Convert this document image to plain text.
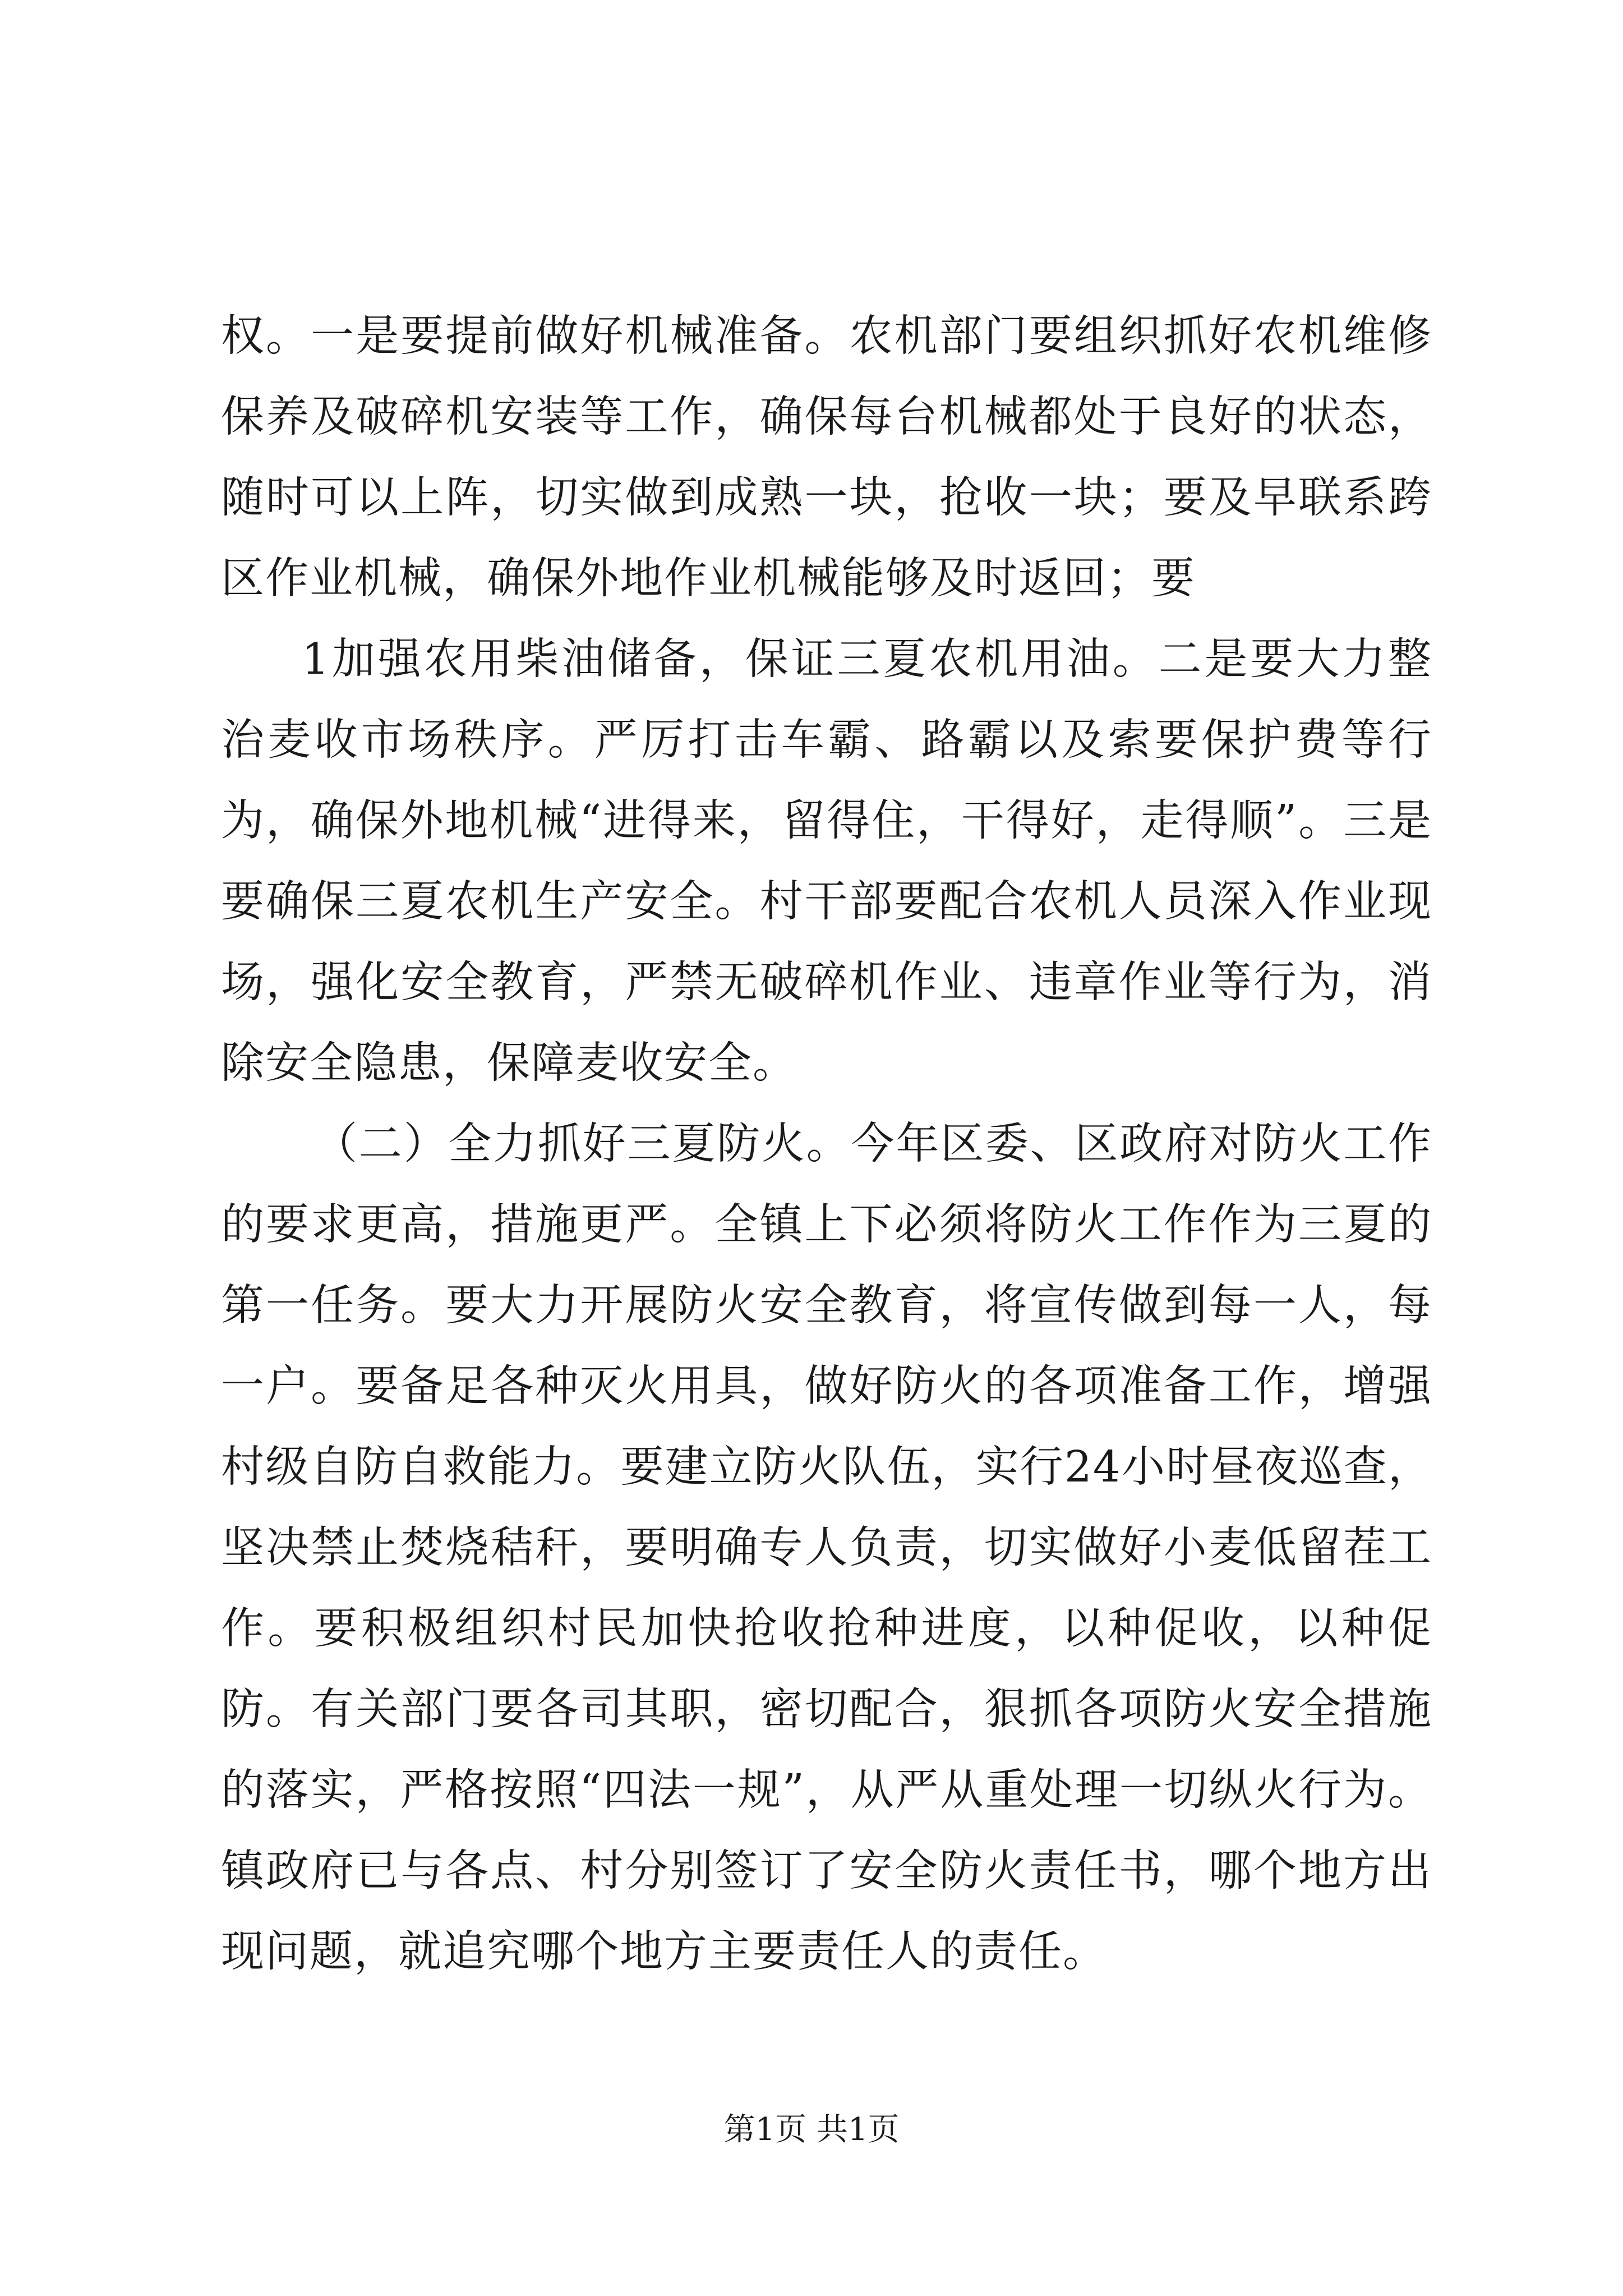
权。一是要提前做好机械准备。农机部门要组织抓好农机维修保养及破碎机安装等工作，确保每台机械都处于良好的状态，随时可以上阵，切实做到成熟一块，抢收一块；要及早联系跨区作业机械，确保外地作业机械能够及时返回；要

1加强农用柴油储备，保证三夏农机用油。二是要大力整治麦收市场秩序。严厉打击车霸、路霸以及索要保护费等行为，确保外地机械“进得来，留得住，干得好，走得顺”。三是要确保三夏农机生产安全。村干部要配合农机人员深入作业现场，强化安全教育，严禁无破碎机作业、违章作业等行为，消除安全隐患，保障麦收安全。

（二）全力抓好三夏防火。今年区委、区政府对防火工作的要求更高，措施更严。全镇上下必须将防火工作作为三夏的第一任务。要大力开展防火安全教育，将宣传做到每一人，每一户。要备足各种灭火用具，做好防火的各项准备工作，增强村级自防自救能力。要建立防火队伍，实行24小时昼夜巡查，坚决禁止焚烧秸秆，要明确专人负责，切实做好小麦低留茬工作。要积极组织村民加快抢收抢种进度，以种促收，以种促防。有关部门要各司其职，密切配合，狠抓各项防火安全措施的落实，严格按照“四法一规”，从严从重处理一切纵火行为。镇政府已与各点、村分别签订了安全防火责任书，哪个地方出现问题，就追究哪个地方主要责任人的责任。

第1页 共1页
